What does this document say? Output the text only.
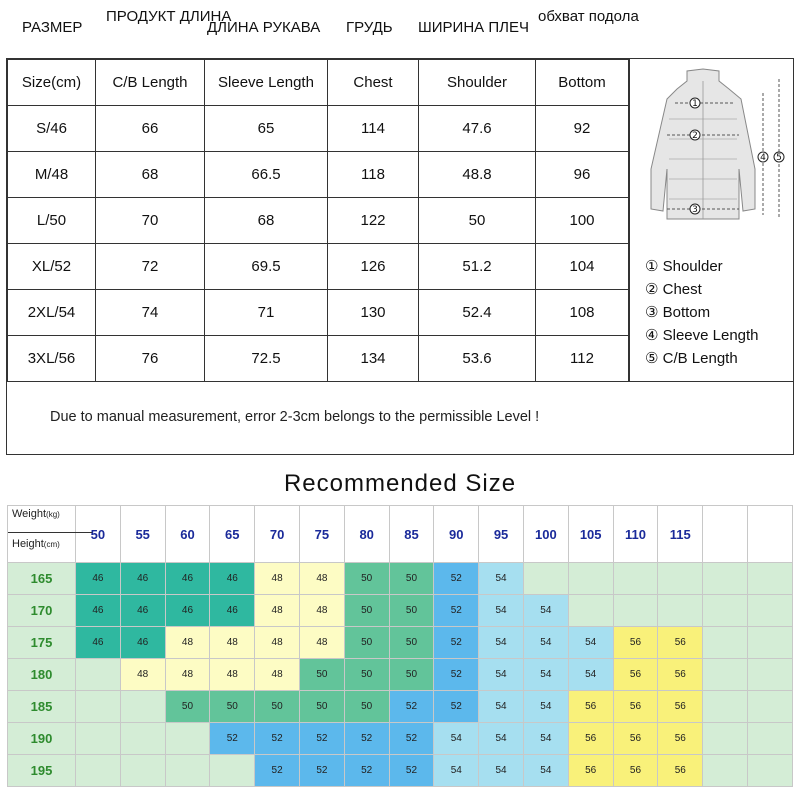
РАЗМЕР
ПРОДУКТ ДЛИНА
ДЛИНА РУКАВА ГРУДЬ ШИРИНА ПЛЕЧ
обхват подола
Size(cm)	C/B Length	Sleeve Length	Chest	Shoulder	Bottom
S/46	66	65	114	47.6	92
M/48	68	66.5	118	48.8	96
L/50	70	68	122	50	100
XL/52	72	69.5	126	51.2	104
2XL/54	74	71	130	52.4	108
3XL/56	76	72.5	134	53.6	112
1
2
3
4 5
① Shoulder
② Chest
③ Bottom
④ Sleeve Length
⑤ C/B Length
Due to manual measurement, error 2-3cm belongs to the permissible Level !
Recommended Size
Weight(kg)
Height(cm)	50	55	60	65	70	75	80	85	90	95	100	105	110	115		
165	46	46	46	46	48	48	50	50	52	54						
170	46	46	46	46	48	48	50	50	52	54	54					
175	46	46	48	48	48	48	50	50	52	54	54	54	56	56		
180		48	48	48	48	50	50	50	52	54	54	54	56	56		
185			50	50	50	50	50	52	52	54	54	56	56	56		
190				52	52	52	52	52	54	54	54	56	56	56		
195					52	52	52	52	54	54	54	56	56	56		
